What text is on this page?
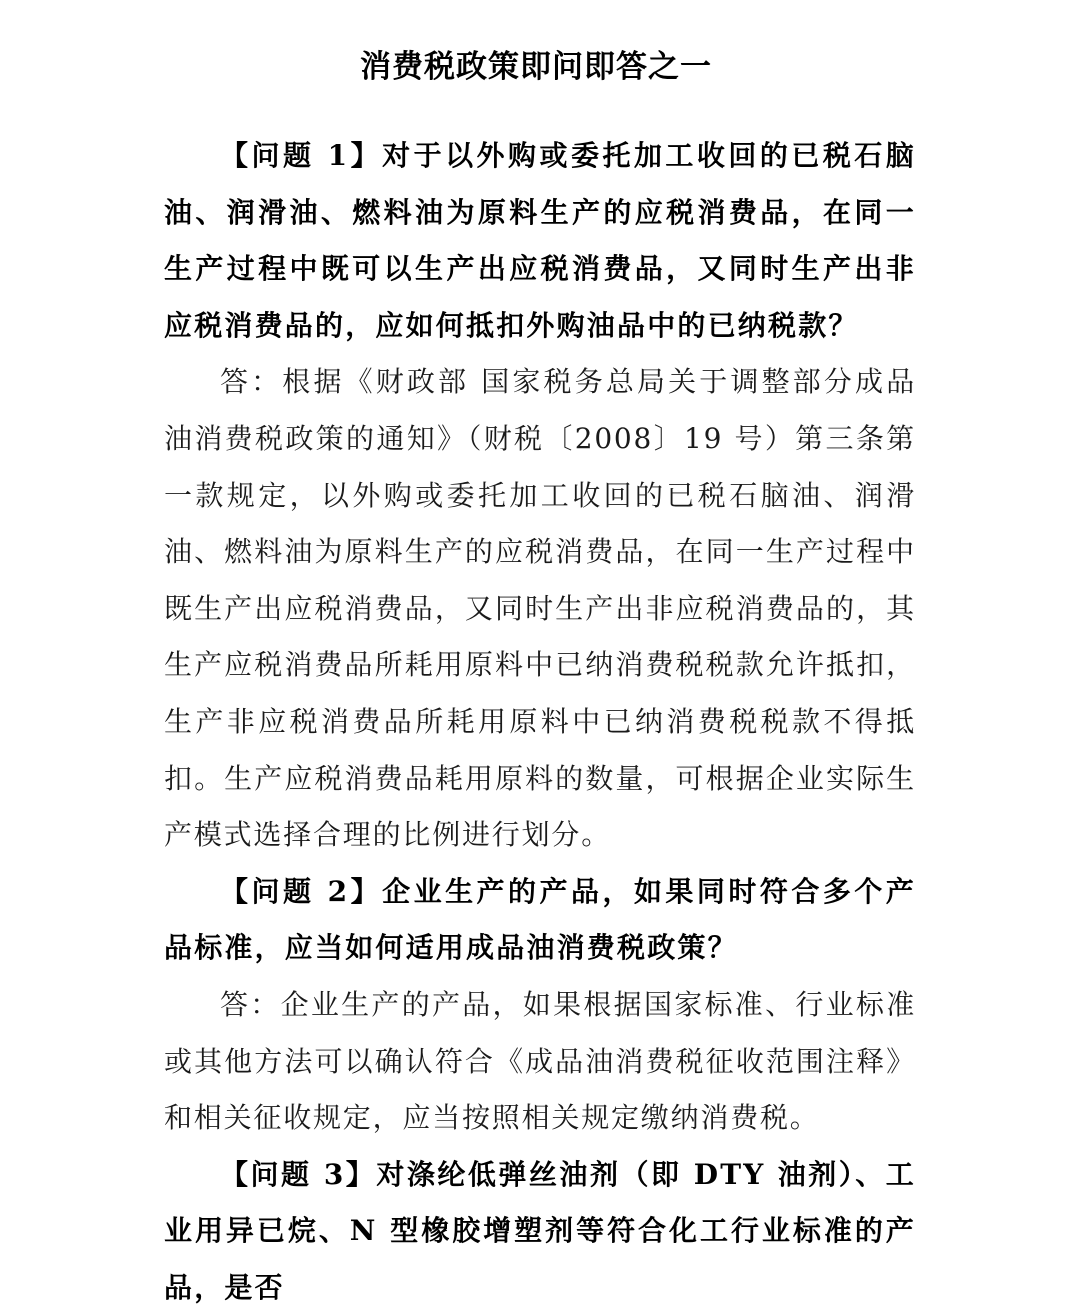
消费税政策即问即答之一

【问题 1】对于以外购或委托加工收回的已税石脑油、润滑油、燃料油为原料生产的应税消费品，在同一生产过程中既可以生产出应税消费品，又同时生产出非应税消费品的，应如何抵扣外购油品中的已纳税款？

答：根据《财政部 国家税务总局关于调整部分成品油消费税政策的通知》（财税〔2008〕19 号）第三条第一款规定，以外购或委托加工收回的已税石脑油、润滑油、燃料油为原料生产的应税消费品，在同一生产过程中既生产出应税消费品，又同时生产出非应税消费品的，其生产应税消费品所耗用原料中已纳消费税税款允许抵扣，生产非应税消费品所耗用原料中已纳消费税税款不得抵扣。生产应税消费品耗用原料的数量，可根据企业实际生产模式选择合理的比例进行划分。

【问题 2】企业生产的产品，如果同时符合多个产品标准，应当如何适用成品油消费税政策？

答：企业生产的产品，如果根据国家标准、行业标准或其他方法可以确认符合《成品油消费税征收范围注释》和相关征收规定，应当按照相关规定缴纳消费税。

【问题 3】对涤纶低弹丝油剂（即 DTY 油剂）、工业用异已烷、N 型橡胶增塑剂等符合化工行业标准的产品，是否
